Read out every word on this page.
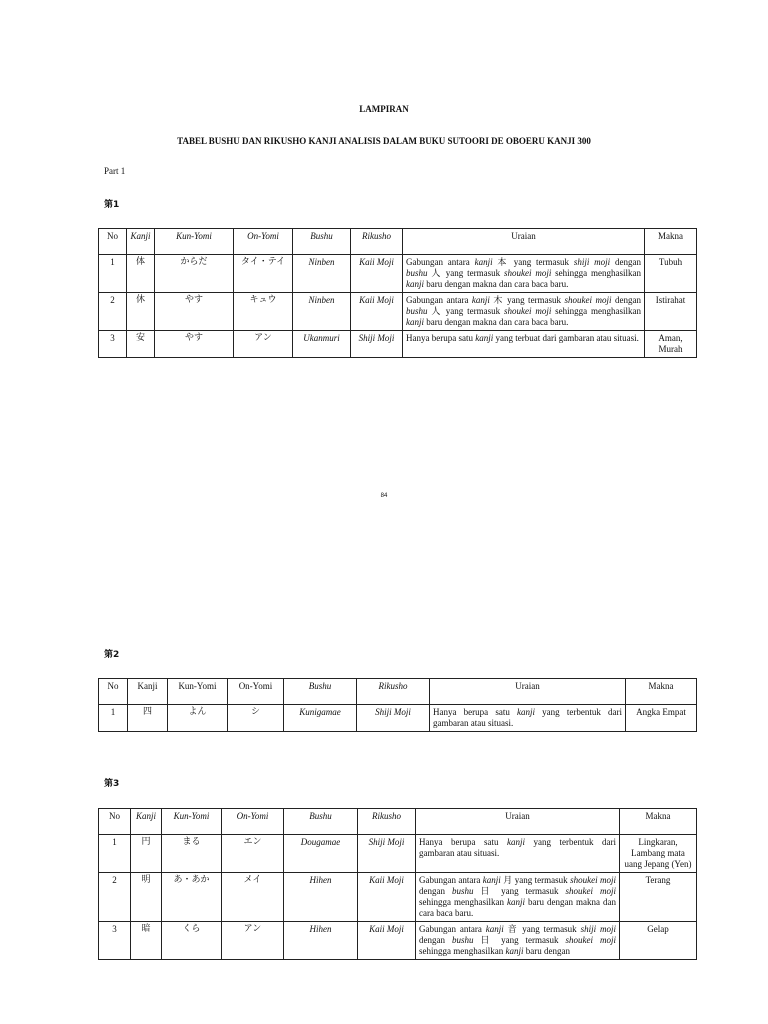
LAMPIRAN
TABEL BUSHU DAN RIKUSHO KANJI ANALISIS DALAM BUKU SUTOORI DE OBOERU KANJI 300
Part 1
第1
No	Kanji	Kun-Yomi	On-Yomi	Bushu	Rikusho	Uraian	Makna
1	体	からだ	タイ・テイ	Ninben	Kaii Moji	Gabungan antara kanji 本 yang termasuk shiji moji dengan bushu 人 yang termasuk shoukei moji sehingga menghasilkan kanji baru dengan makna dan cara baca baru.	Tubuh
2	休	やす	キュウ	Ninben	Kaii Moji	Gabungan antara kanji 木 yang termasuk shoukei moji dengan bushu 人 yang termasuk shoukei moji sehingga menghasilkan kanji baru dengan makna dan cara baca baru.	Istirahat
3	安	やす	アン	Ukanmuri	Shiji Moji	Hanya berupa satu kanji yang terbuat dari gambaran atau situasi.	Aman, Murah
84
第2
No	Kanji	Kun-Yomi	On-Yomi	Bushu	Rikusho	Uraian	Makna
1	四	よん	シ	Kunigamae	Shiji Moji	Hanya berupa satu kanji yang terbentuk dari gambaran atau situasi.	Angka Empat
第3
No	Kanji	Kun-Yomi	On-Yomi	Bushu	Rikusho	Uraian	Makna
1	円	まる	エン	Dougamae	Shiji Moji	Hanya berupa satu kanji yang terbentuk dari gambaran atau situasi.	Lingkaran, Lambang mata uang Jepang (Yen)
2	明	あ・あか	メイ	Hihen	Kaii Moji	Gabungan antara kanji 月 yang termasuk shoukei moji dengan bushu 日 yang termasuk shoukei moji sehingga menghasilkan kanji baru dengan makna dan cara baca baru.	Terang
3	暗	くら	アン	Hihen	Kaii Moji	Gabungan antara kanji 音 yang termasuk shiji moji dengan bushu 日 yang termasuk shoukei moji sehingga menghasilkan kanji baru dengan	Gelap
